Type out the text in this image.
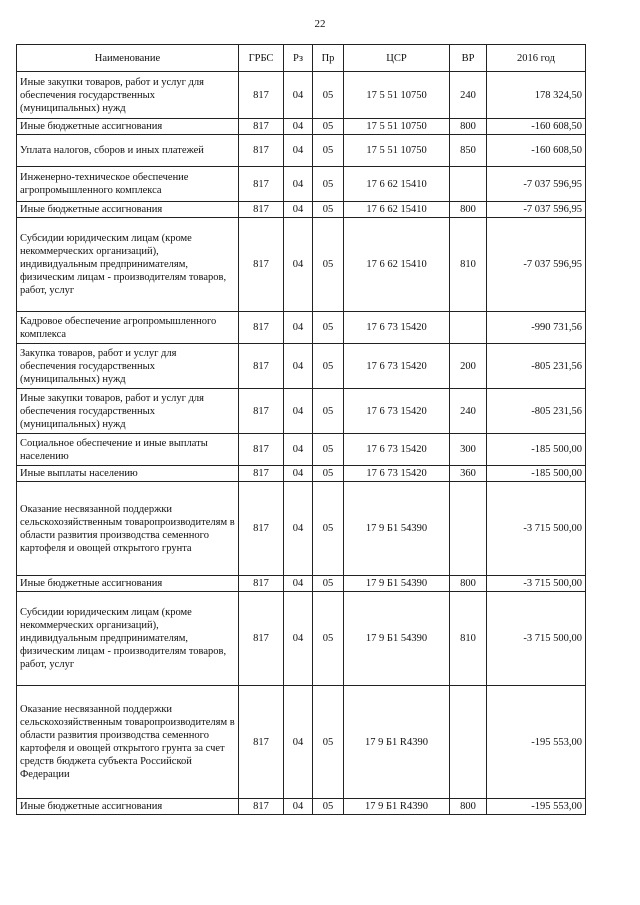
22
Наименование	ГРБС	Рз	Пр	ЦСР	ВР	2016 год
Иные закупки товаров, работ и услуг для обеспечения государственных (муниципальных) нужд	817	04	05	17 5 51 10750	240	178 324,50
Иные бюджетные ассигнования	817	04	05	17 5 51 10750	800	-160 608,50
Уплата налогов, сборов и иных платежей	817	04	05	17 5 51 10750	850	-160 608,50
Инженерно-техническое обеспечение агропромышленного комплекса	817	04	05	17 6 62 15410		-7 037 596,95
Иные бюджетные ассигнования	817	04	05	17 6 62 15410	800	-7 037 596,95
Субсидии юридическим лицам (кроме некоммерческих организаций), индивидуальным предпринимателям, физическим лицам - производителям товаров, работ, услуг	817	04	05	17 6 62 15410	810	-7 037 596,95
Кадровое обеспечение агропромышленного комплекса	817	04	05	17 6 73 15420		-990 731,56
Закупка товаров, работ и услуг для обеспечения государственных (муниципальных) нужд	817	04	05	17 6 73 15420	200	-805 231,56
Иные закупки товаров, работ и услуг для обеспечения государственных (муниципальных) нужд	817	04	05	17 6 73 15420	240	-805 231,56
Социальное обеспечение и иные выплаты населению	817	04	05	17 6 73 15420	300	-185 500,00
Иные выплаты населению	817	04	05	17 6 73 15420	360	-185 500,00
Оказание несвязанной поддержки сельскохозяйственным товаропроизводителям в области развития производства семенного картофеля и овощей открытого грунта	817	04	05	17 9 Б1 54390		-3 715 500,00
Иные бюджетные ассигнования	817	04	05	17 9 Б1 54390	800	-3 715 500,00
Субсидии юридическим лицам (кроме некоммерческих организаций), индивидуальным предпринимателям, физическим лицам - производителям товаров, работ, услуг	817	04	05	17 9 Б1 54390	810	-3 715 500,00
Оказание несвязанной поддержки сельскохозяйственным товаропроизводителям в области развития производства семенного картофеля и овощей открытого грунта за счет средств бюджета субъекта Российской Федерации	817	04	05	17 9 Б1 R4390		-195 553,00
Иные бюджетные ассигнования	817	04	05	17 9 Б1 R4390	800	-195 553,00
